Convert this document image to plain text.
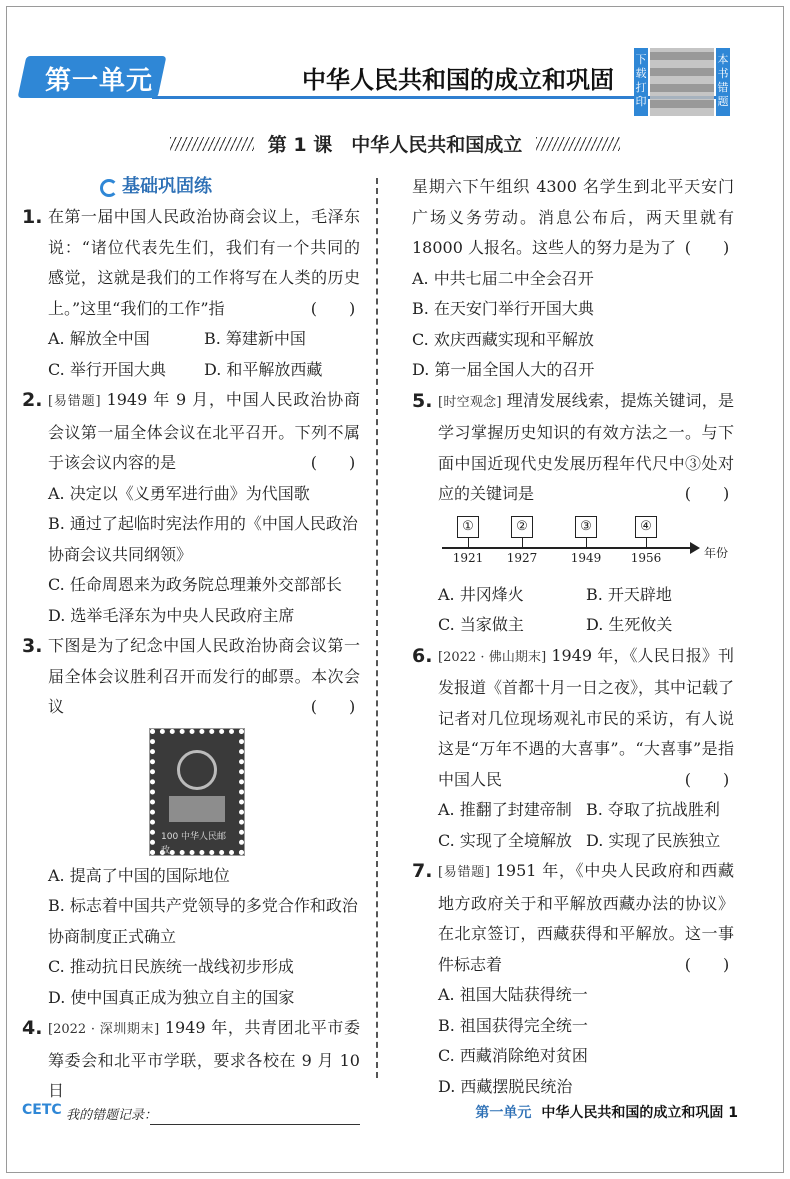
第一单元	中华人民共和国的成立和巩固
下载打印
本书错题
第 1 课　中华人民共和国成立
基础巩固练
1. 在第一届中国人民政治协商会议上，毛泽东说：“诸位代表先生们，我们有一个共同的感觉，这就是我们的工作将写在人类的历史上。”这里“我们的工作”指	(　　)
A. 解放全中国	B. 筹建新中国
C. 举行开国大典	D. 和平解放西藏
2. [易错题] 1949 年 9 月，中国人民政治协商会议第一届全体会议在北平召开。下列不属于该会议内容的是	(　　)
A. 决定以《义勇军进行曲》为代国歌
B. 通过了起临时宪法作用的《中国人民政治协商会议共同纲领》
C. 任命周恩来为政务院总理兼外交部部长
D. 选举毛泽东为中央人民政府主席
3. 下图是为了纪念中国人民政治协商会议第一届全体会议胜利召开而发行的邮票。本次会议	(　　)
100 中华人民邮政
A. 提高了中国的国际地位
B. 标志着中国共产党领导的多党合作和政治协商制度正式确立
C. 推动抗日民族统一战线初步形成
D. 使中国真正成为独立自主的国家
4. [2022 · 深圳期末] 1949 年，共青团北平市委筹委会和北平市学联，要求各校在 9 月 10 日
星期六下午组织 4300 名学生到北平天安门广场义务劳动。消息公布后，两天里就有 18000 人报名。这些人的努力是为了 (　　)
A. 中共七届二中全会召开
B. 在天安门举行开国大典
C. 欢庆西藏实现和平解放
D. 第一届全国人大的召开
5. [时空观念] 理清发展线索，提炼关键词，是学习掌握历史知识的有效方法之一。与下面中国近现代史发展历程年代尺中③处对应的关键词是	(　　)
年份
①
1921
②
1927
③
1949
④
1956
A. 井冈烽火	B. 开天辟地
C. 当家做主	D. 生死攸关
6. [2022 · 佛山期末] 1949 年，《人民日报》刊发报道《首都十月一日之夜》，其中记载了记者对几位现场观礼市民的采访，有人说这是“万年不遇的大喜事”。“大喜事”是指中国人民	(　　)
A. 推翻了封建帝制 B. 夺取了抗战胜利
C. 实现了全境解放 D. 实现了民族独立
7. [易错题] 1951 年，《中央人民政府和西藏地方政府关于和平解放西藏办法的协议》在北京签订，西藏获得和平解放。这一事件标志着	(　　)
A. 祖国大陆获得统一
B. 祖国获得完全统一
C. 西藏消除绝对贫困
D. 西藏摆脱民统治
CETC 我的错题记录：	第一单元 中华人民共和国的成立和巩固 1
